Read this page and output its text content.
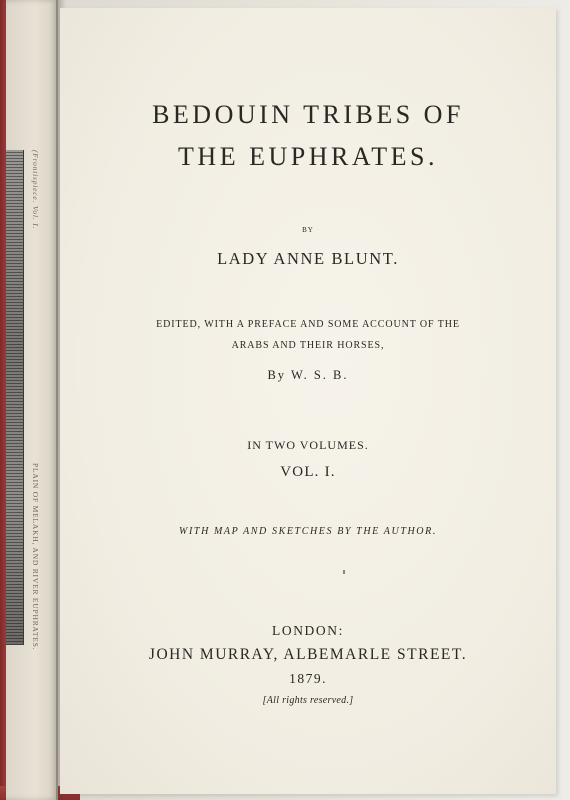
(Frontispiece. Vol. I.
PLAIN OF MELAKH, AND RIVER EUPHRATES.
BEDOUIN TRIBES OF
THE EUPHRATES.
BY
LADY ANNE BLUNT.
EDITED, WITH A PREFACE AND SOME ACCOUNT OF THE
ARABS AND THEIR HORSES,
By W. S. B.
IN TWO VOLUMES.
VOL. I.
WITH MAP AND SKETCHES BY THE AUTHOR.
LONDON:
JOHN MURRAY, ALBEMARLE STREET.
1879.
[All rights reserved.]
